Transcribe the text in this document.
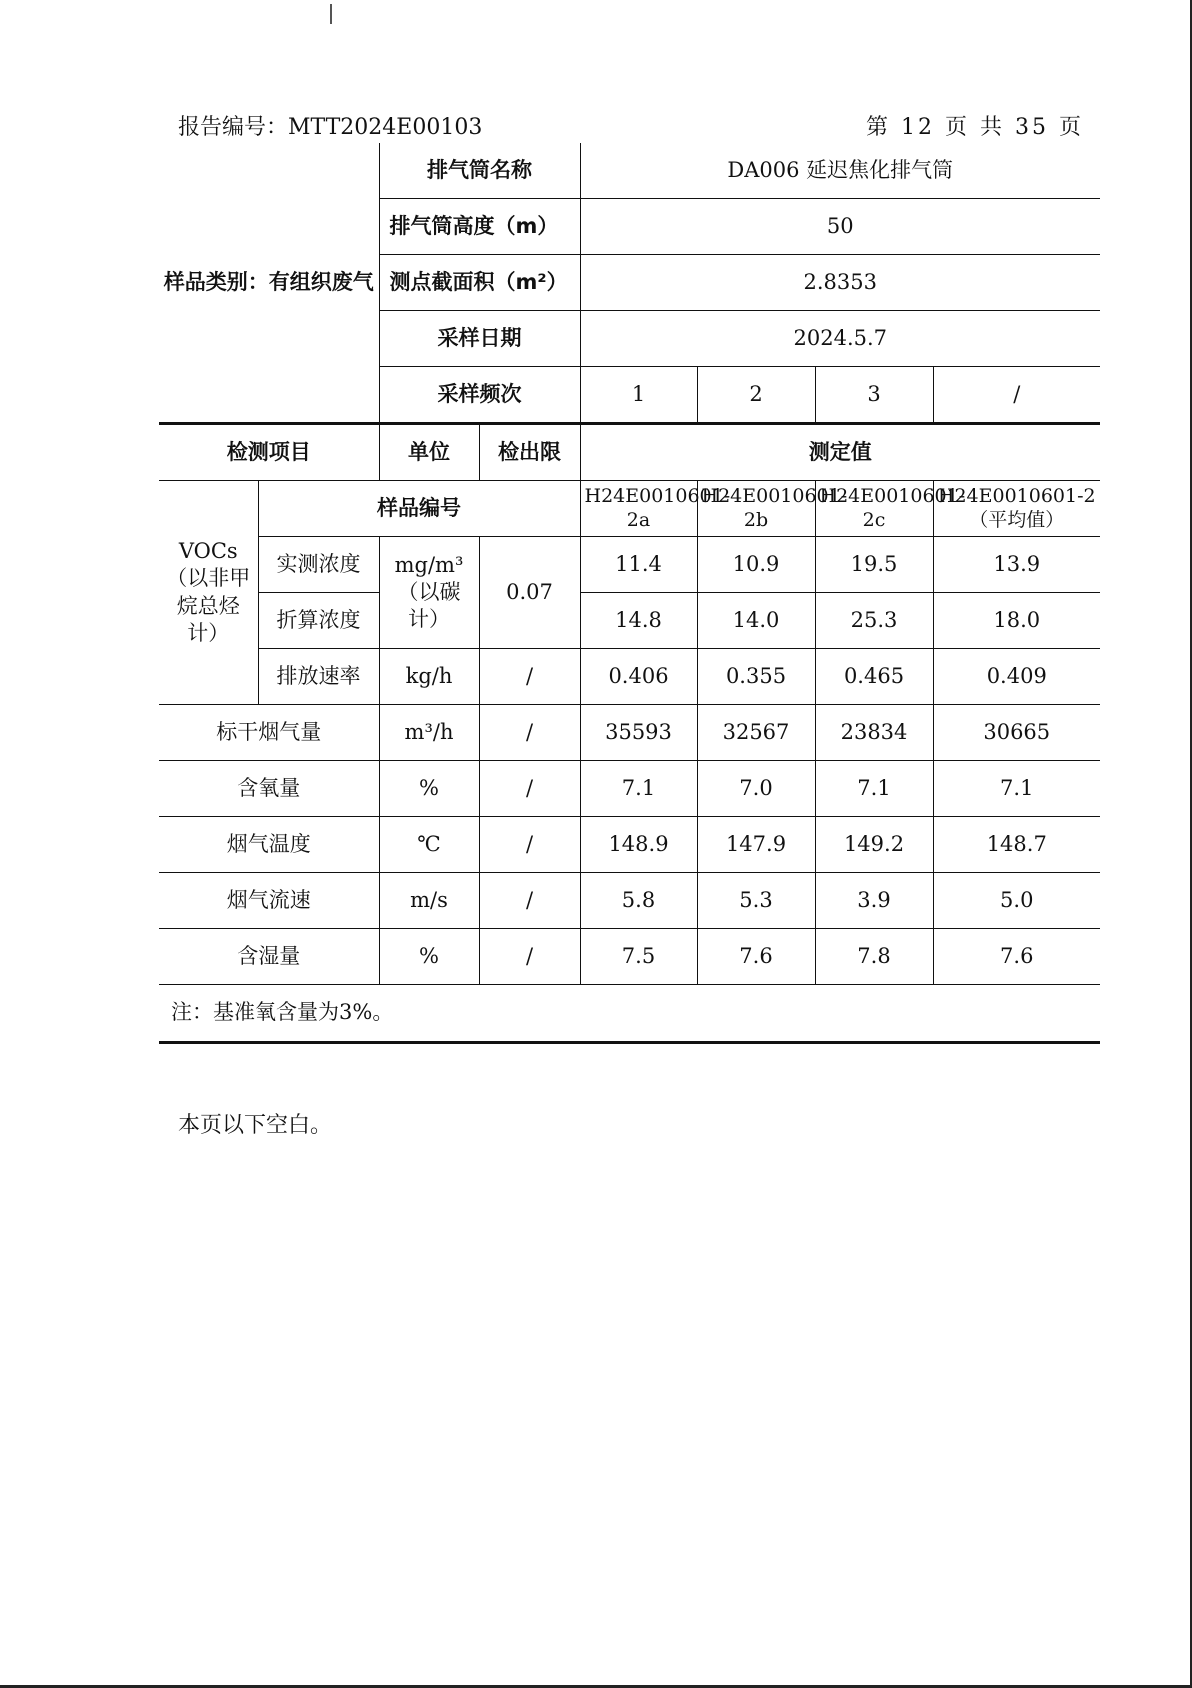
报告编号：MTT2024E00103	第 12 页 共 35 页
样品类别：有组织废气		排气筒名称		DA006 延迟焦化排气筒			
		排气筒高度（m）		50			
		测点截面积（m²）		2.8353			
		采样日期		2024.5.7			
		采样频次		1	2	3	/
检测项目		单位	检出限	测定值			
VOCs（以非甲烷总烃计）	样品编号			H24E0010601-2a	H24E0010601-2b	H24E0010601-2c	H24E0010601-2（平均值）
	实测浓度	mg/m³（以碳计）	0.07	11.4	10.9	19.5	13.9
	折算浓度			14.8	14.0	25.3	18.0
	排放速率	kg/h	/	0.406	0.355	0.465	0.409
标干烟气量		m³/h	/	35593	32567	23834	30665
含氧量		%	/	7.1	7.0	7.1	7.1
烟气温度		℃	/	148.9	147.9	149.2	148.7
烟气流速		m/s	/	5.8	5.3	3.9	5.0
含湿量		%	/	7.5	7.6	7.8	7.6
注：基准氧含量为3%。							
本页以下空白。
